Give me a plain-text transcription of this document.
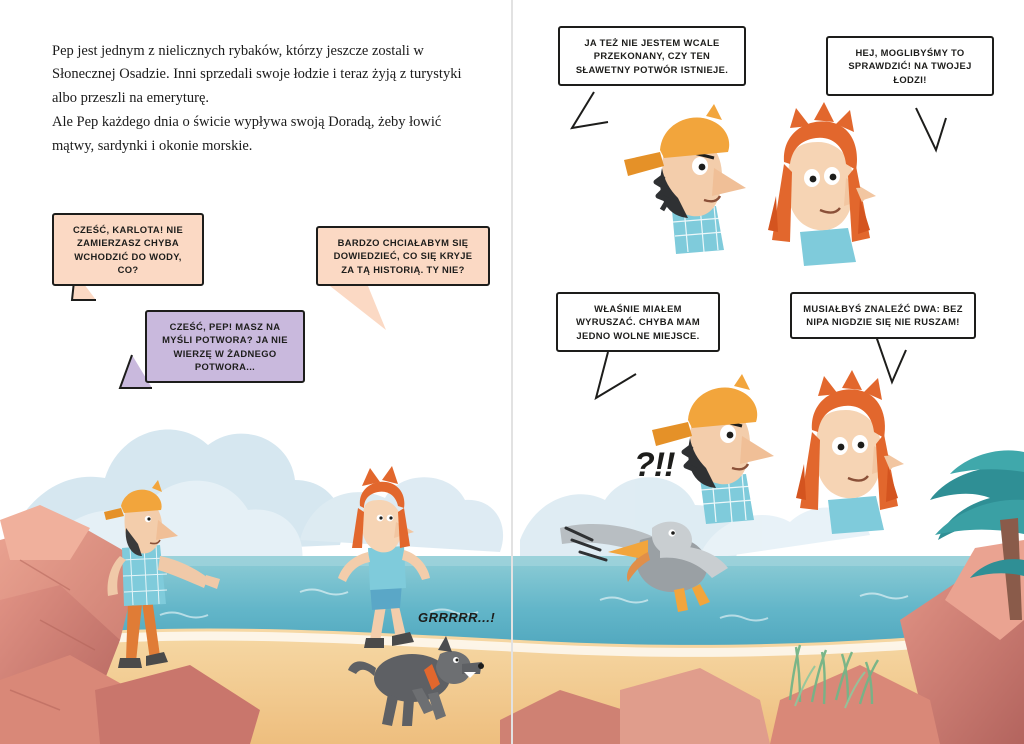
Pep jest jednym z nielicznych rybaków, którzy jeszcze zostali w Słonecznej Osadzie. Inni sprzedali swoje łodzie i teraz żyją z turystyki albo przeszli na emeryturę.

Ale Pep każdego dnia o świcie wypływa swoją Doradą, żeby łowić mątwy, sardynki i okonie morskie.

CZEŚĆ, KARLOTA! NIE ZAMIERZASZ CHYBA WCHODZIĆ DO WODY, CO?
CZEŚĆ, PEP! MASZ NA MYŚLI POTWORA? JA NIE WIERZĘ W ŻADNEGO POTWORA...
BARDZO CHCIAŁABYM SIĘ DOWIEDZIEĆ, CO SIĘ KRYJE ZA TĄ HISTORIĄ. TY NIE?
JA TEŻ NIE JESTEM WCALE PRZEKONANY, CZY TEN SŁAWETNY POTWÓR ISTNIEJE.
HEJ, MOGLIBYŚMY TO SPRAWDZIĆ! NA TWOJEJ ŁODZI!
WŁAŚNIE MIAŁEM WYRUSZAĆ. CHYBA MAM JEDNO WOLNE MIEJSCE.
MUSIAŁBYŚ ZNALEŹĆ DWA: BEZ NIPA NIGDZIE SIĘ NIE RUSZAM!
GRRRRR...!
?!!
